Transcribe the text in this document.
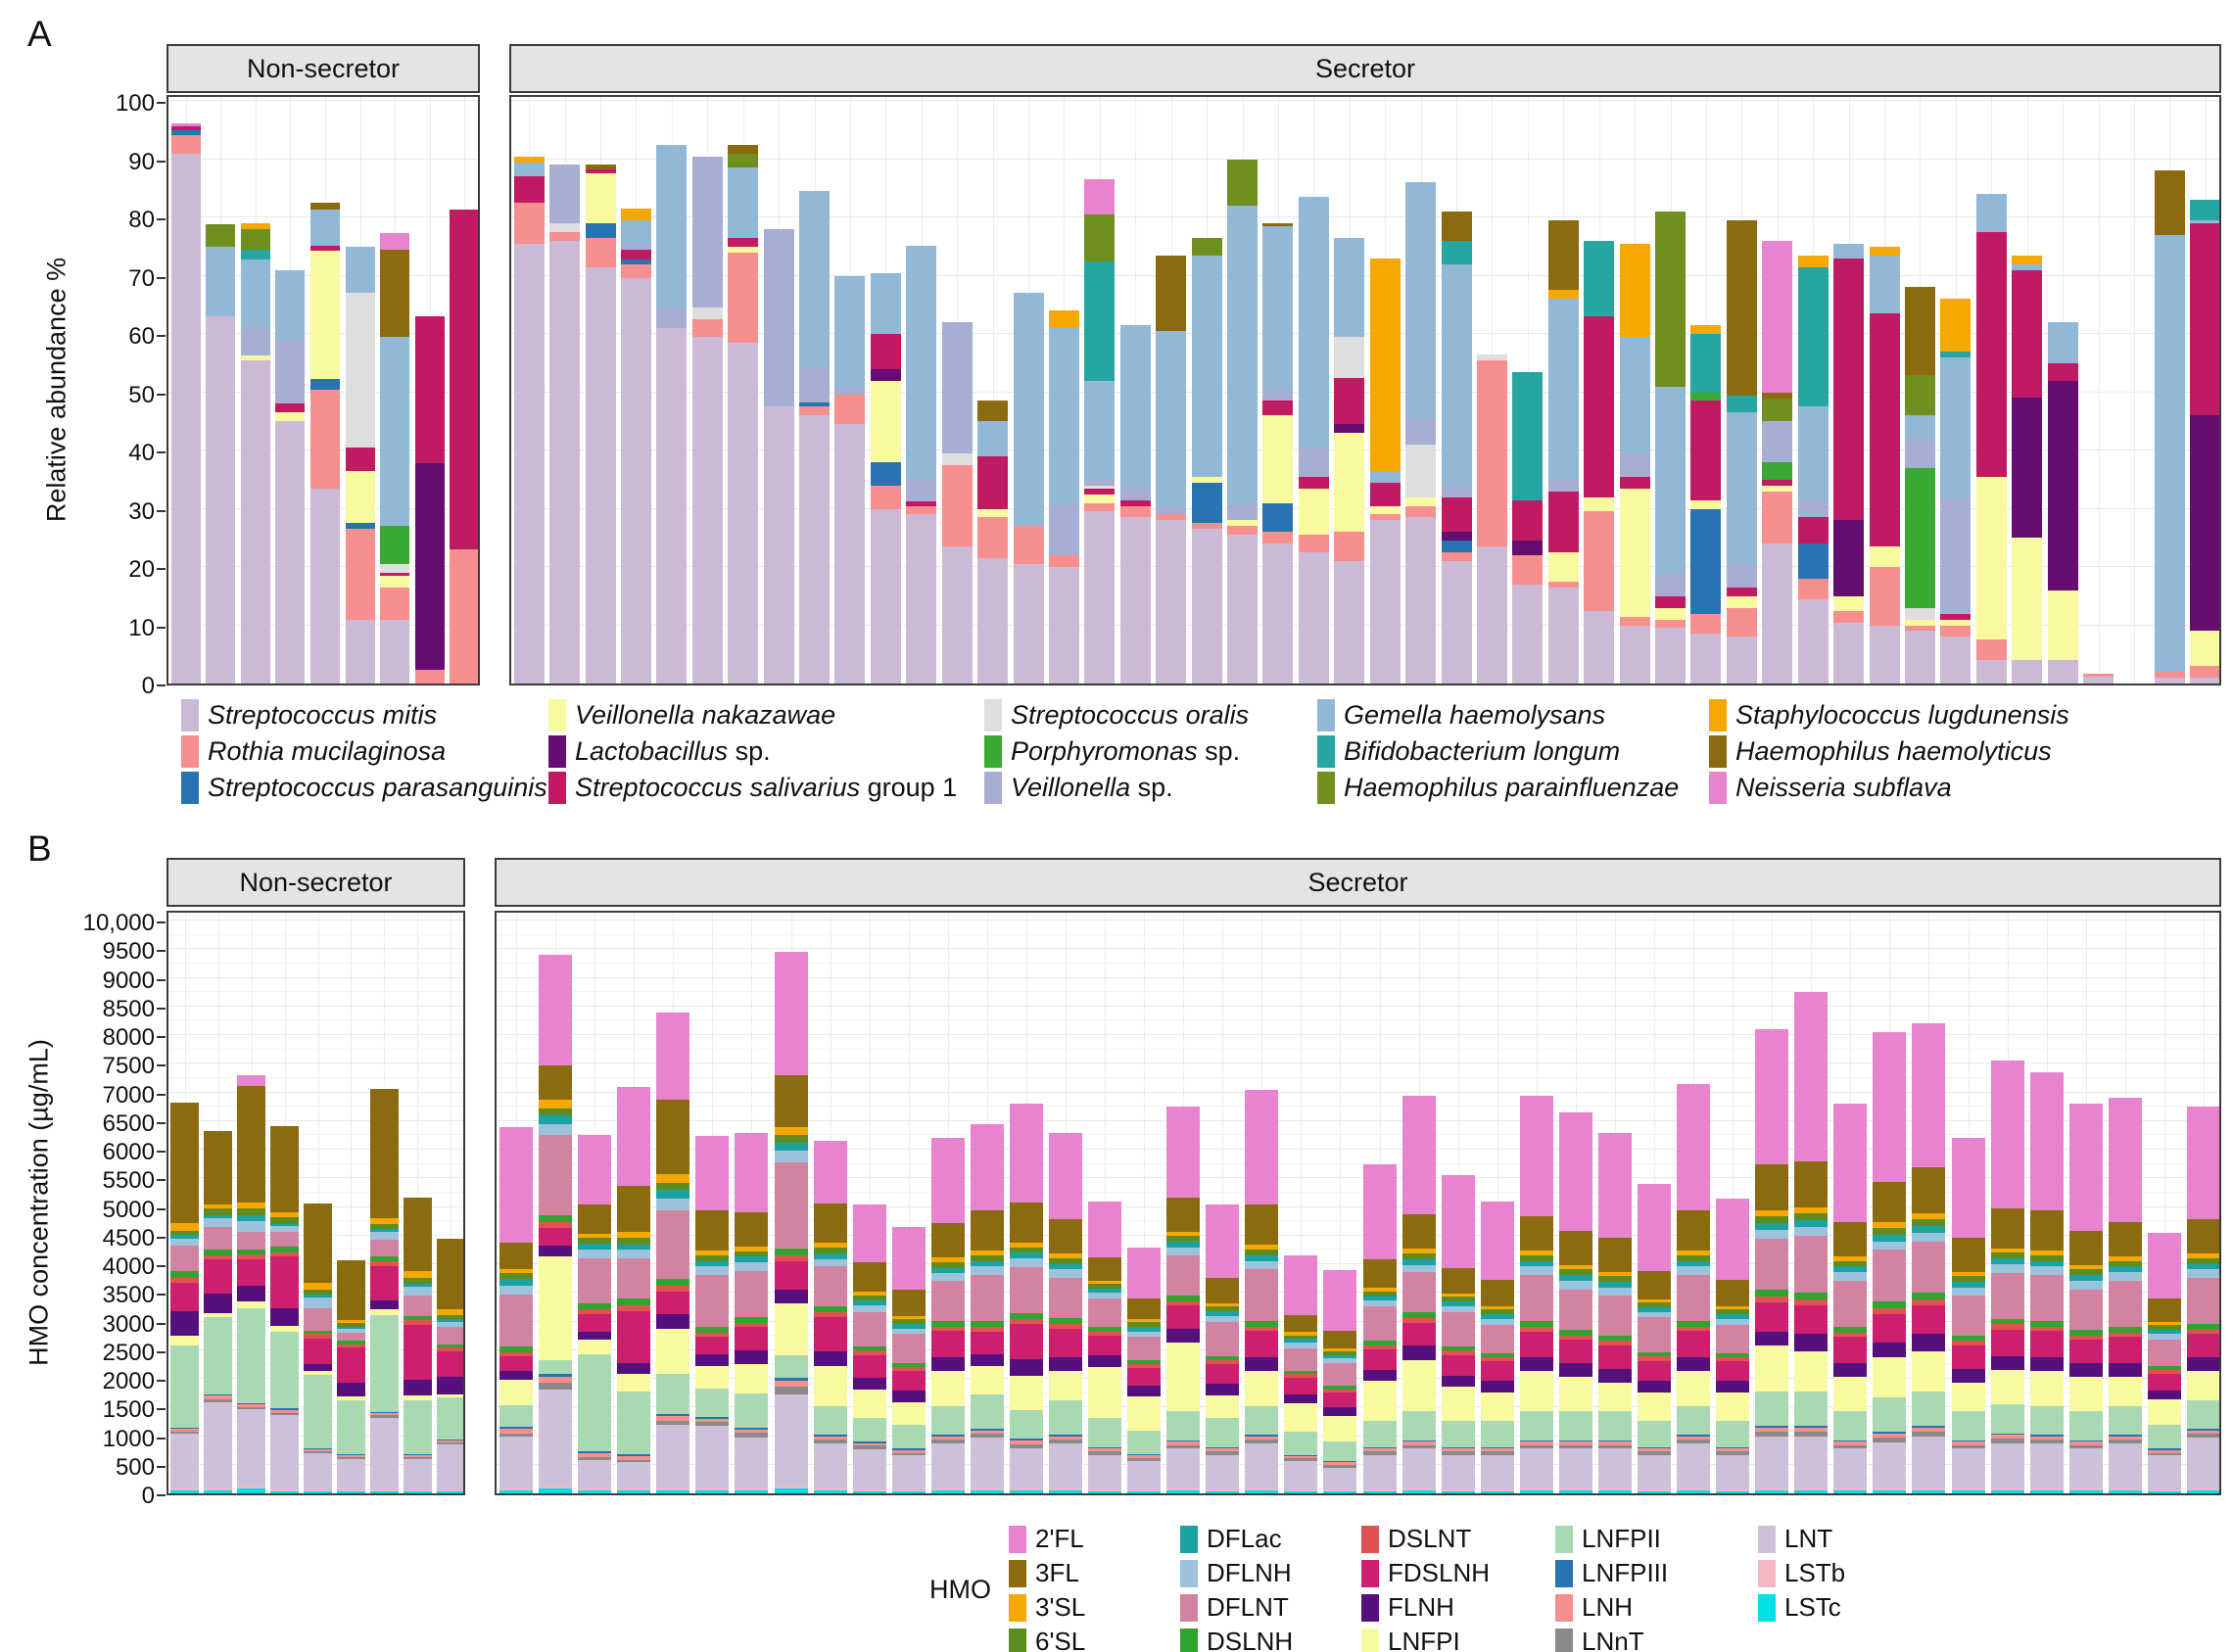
A
B
Relative abundance %
HMO concentration (µg/mL)
HMO
Non-secretor	Secretor
0
10
20
30
40
50
60
70
80
90
100
Non-secretor	Secretor
0
500
1000
1500
2000
2500
3000
3500
4000
4500
5000
5500
6000
6500
7000
7500
8000
8500
9000
9500
10,000
Streptococcus mitis
Rothia mucilaginosa
Streptococcus parasanguinis
Veillonella nakazawae
Lactobacillus sp.
Streptococcus salivarius group 1
Streptococcus oralis
Porphyromonas sp.
Veillonella sp.
Gemella haemolysans
Bifidobacterium longum
Haemophilus parainfluenzae
Staphylococcus lugdunensis
Haemophilus haemolyticus
Neisseria subflava
2'FL
3FL
3'SL
6'SL
DFLac
DFLNH
DFLNT
DSLNH
DSLNT
FDSLNH
FLNH
LNFPI
LNFPII
LNFPIII
LNH
LNnT
LNT
LSTb
LSTc
